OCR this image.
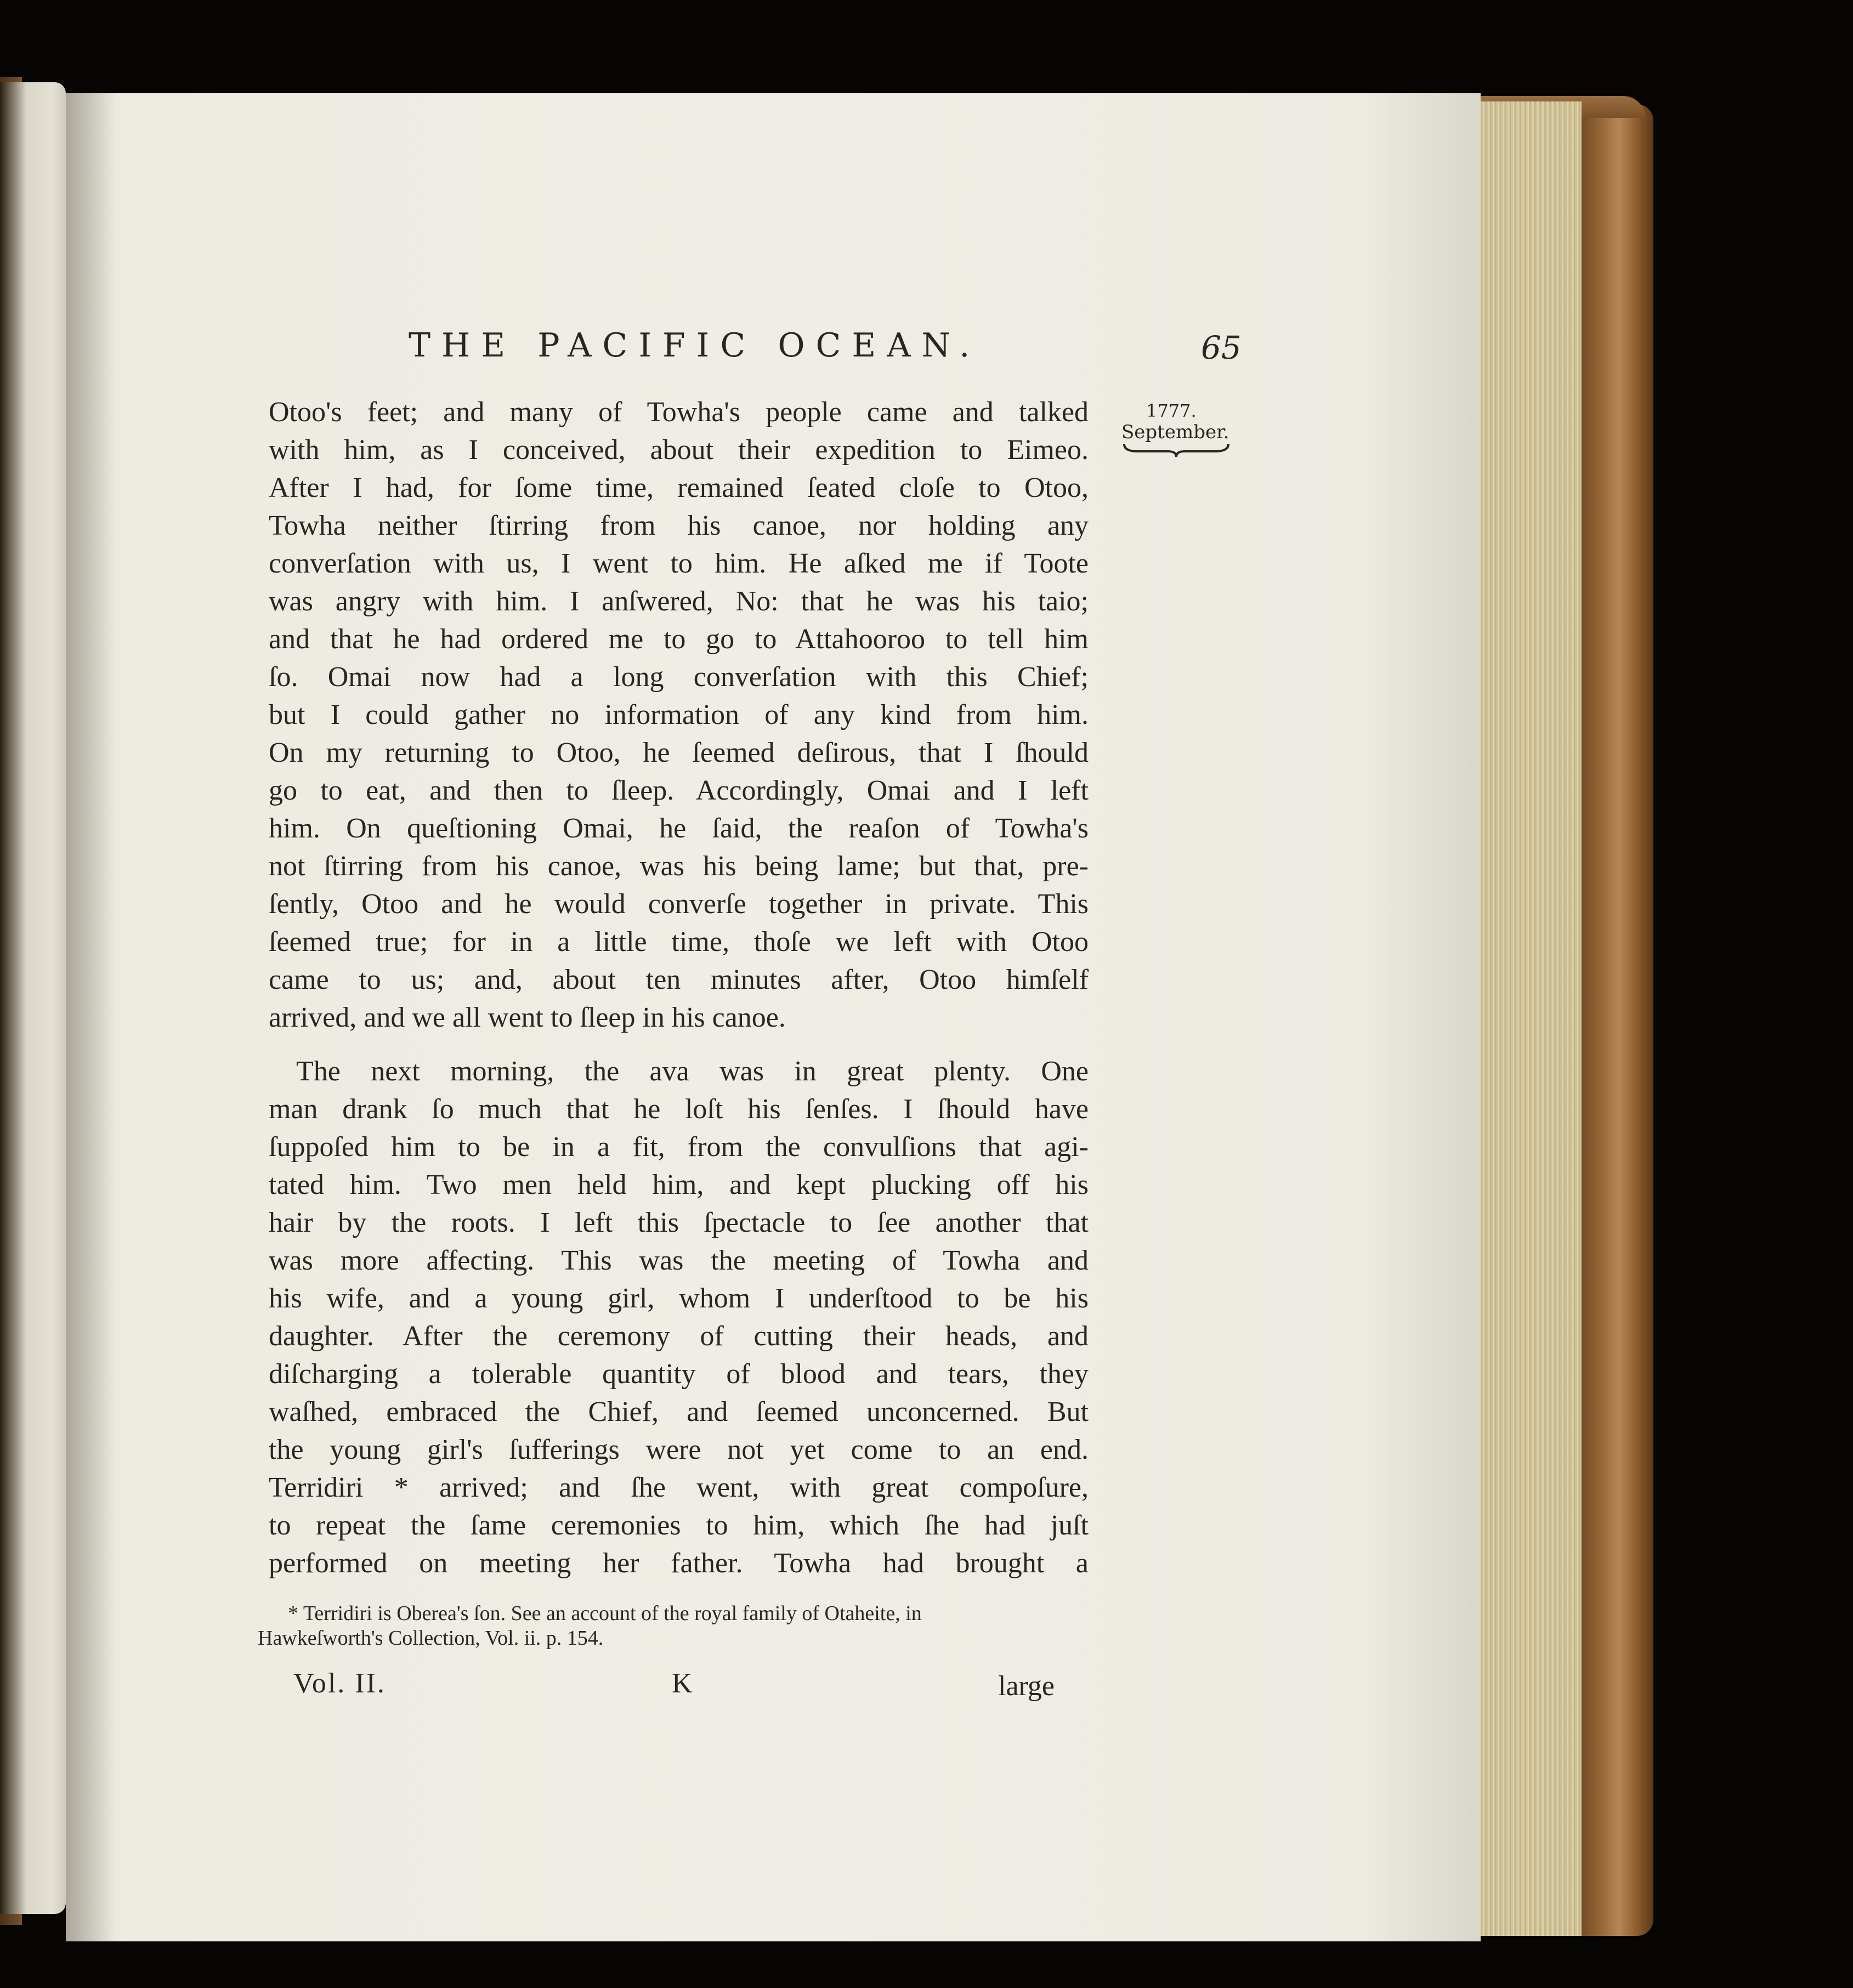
THE PACIFIC OCEAN.	65
1777.
September.
Otoo's feet; and many of Towha's people came and talked
with him, as I conceived, about their expedition to Eimeo.
After I had, for ſome time, remained ſeated cloſe to Otoo,
Towha neither ſtirring from his canoe, nor holding any
converſation with us, I went to him. He aſked me if Toote
was angry with him. I anſwered, No: that he was his taio;
and that he had ordered me to go to Attahooroo to tell him
ſo. Omai now had a long converſation with this Chief;
but I could gather no information of any kind from him.
On my returning to Otoo, he ſeemed deſirous, that I ſhould
go to eat, and then to ſleep. Accordingly, Omai and I left
him. On queſtioning Omai, he ſaid, the reaſon of Towha's
not ſtirring from his canoe, was his being lame; but that, pre-
ſently, Otoo and he would converſe together in private. This
ſeemed true; for in a little time, thoſe we left with Otoo
came to us; and, about ten minutes after, Otoo himſelf
arrived, and we all went to ſleep in his canoe.
The next morning, the ava was in great plenty. One
man drank ſo much that he loſt his ſenſes. I ſhould have
ſuppoſed him to be in a fit, from the convulſions that agi-
tated him. Two men held him, and kept plucking off his
hair by the roots. I left this ſpectacle to ſee another that
was more affecting. This was the meeting of Towha and
his wife, and a young girl, whom I underſtood to be his
daughter. After the ceremony of cutting their heads, and
diſcharging a tolerable quantity of blood and tears, they
waſhed, embraced the Chief, and ſeemed unconcerned. But
the young girl's ſufferings were not yet come to an end.
Terridiri * arrived; and ſhe went, with great compoſure,
to repeat the ſame ceremonies to him, which ſhe had juſt
performed on meeting her father. Towha had brought a
* Terridiri is Oberea's ſon. See an account of the royal family of Otaheite, in
Hawkeſworth's Collection, Vol. ii. p. 154.
Vol. II.	K	large
